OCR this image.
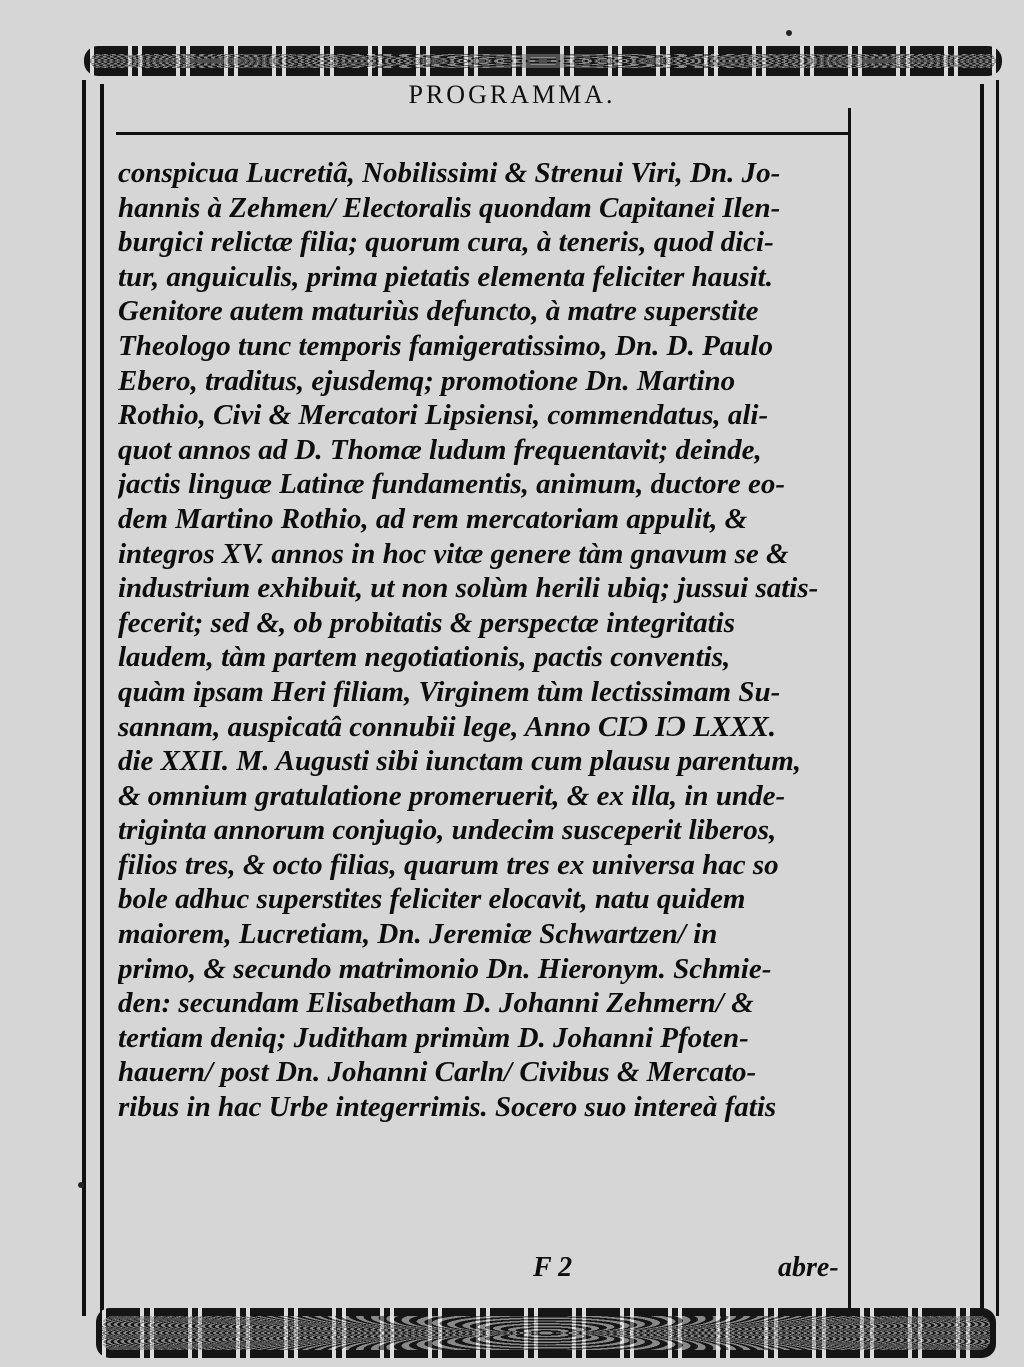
PROGRAMMA.
conspicua Lucretiâ, Nobilissimi & Strenui Viri, Dn. Jo-
hannis à Zehmen/ Electoralis quondam Capitanei Ilen-
burgici relictæ filia; quorum cura, à teneris, quod dici-
tur, anguiculis, prima pietatis elementa feliciter hausit.
Genitore autem maturiùs defuncto, à matre superstite
Theologo tunc temporis famigeratissimo, Dn. D. Paulo
Ebero, traditus, ejusdemq; promotione Dn. Martino
Rothio, Civi & Mercatori Lipsiensi, commendatus, ali-
quot annos ad D. Thomæ ludum frequentavit; deinde,
jactis linguæ Latinæ fundamentis, animum, ductore eo-
dem Martino Rothio, ad rem mercatoriam appulit, &
integros XV. annos in hoc vitæ genere tàm gnavum se &
industrium exhibuit, ut non solùm herili ubiq; jussui satis-
fecerit; sed &, ob probitatis & perspectæ integritatis
laudem, tàm partem negotiationis, pactis conventis,
quàm ipsam Heri filiam, Virginem tùm lectissimam Su-
sannam, auspicatâ connubii lege, Anno CIƆ IƆ LXXX.
die XXII. M. Augusti sibi iunctam cum plausu parentum,
& omnium gratulatione promeruerit, & ex illa, in unde-
triginta annorum conjugio, undecim susceperit liberos,
filios tres, & octo filias, quarum tres ex universa hac so
bole adhuc superstites feliciter elocavit, natu quidem
maiorem, Lucretiam, Dn. Jeremiæ Schwartzen/ in
primo, & secundo matrimonio Dn. Hieronym. Schmie-
den: secundam Elisabetham D. Johanni Zehmern/ &
tertiam deniq; Juditham primùm D. Johanni Pfoten-
hauern/ post Dn. Johanni Carln/ Civibus & Mercato-
ribus in hac Urbe integerrimis. Socero suo intereà fatis
F 2	abre-
